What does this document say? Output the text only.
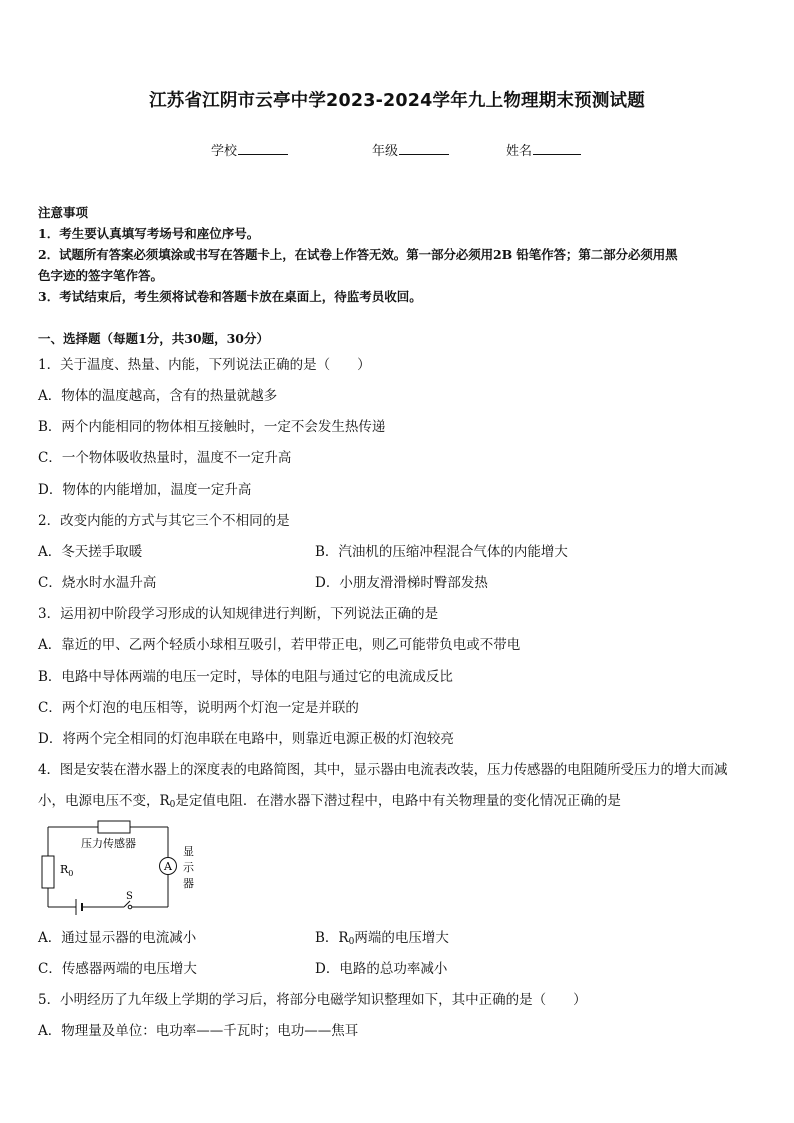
江苏省江阴市云亭中学2023-2024学年九上物理期末预测试题
学校	年级	姓名
注意事项
1．考生要认真填写考场号和座位序号。
2．试题所有答案必须填涂或书写在答题卡上，在试卷上作答无效。第一部分必须用2B 铅笔作答；第二部分必须用黑
色字迹的签字笔作答。
3．考试结束后，考生须将试卷和答题卡放在桌面上，待监考员收回。
一、选择题（每题1分，共30题，30分）
1．关于温度、热量、内能，下列说法正确的是（　　）
A．物体的温度越高，含有的热量就越多
B．两个内能相同的物体相互接触时，一定不会发生热传递
C．一个物体吸收热量时，温度不一定升高
D．物体的内能增加，温度一定升高
2．改变内能的方式与其它三个不相同的是
A．冬天搓手取暖	B．汽油机的压缩冲程混合气体的内能增大
C．烧水时水温升高	D．小朋友滑滑梯时臀部发热
3．运用初中阶段学习形成的认知规律进行判断，下列说法正确的是
A．靠近的甲、乙两个轻质小球相互吸引，若甲带正电，则乙可能带负电或不带电
B．电路中导体两端的电压一定时，导体的电阻与通过它的电流成反比
C．两个灯泡的电压相等，说明两个灯泡一定是并联的
D．将两个完全相同的灯泡串联在电路中，则靠近电源正极的灯泡较亮
4．图是安装在潜水器上的深度表的电路简图，其中，显示器由电流表改装，压力传感器的电阻随所受压力的增大而减
小，电源电压不变，$R_0$是定值电阻．在潜水器下潜过程中，电路中有关物理量的变化情况正确的是
压力传感器
$R_0$
A
显
示
器
S
A．通过显示器的电流减小	B．$R_0$两端的电压增大
C．传感器两端的电压增大	D．电路的总功率减小
5．小明经历了九年级上学期的学习后，将部分电磁学知识整理如下，其中正确的是（　　）
A．物理量及单位：电功率——千瓦时；电功——焦耳
